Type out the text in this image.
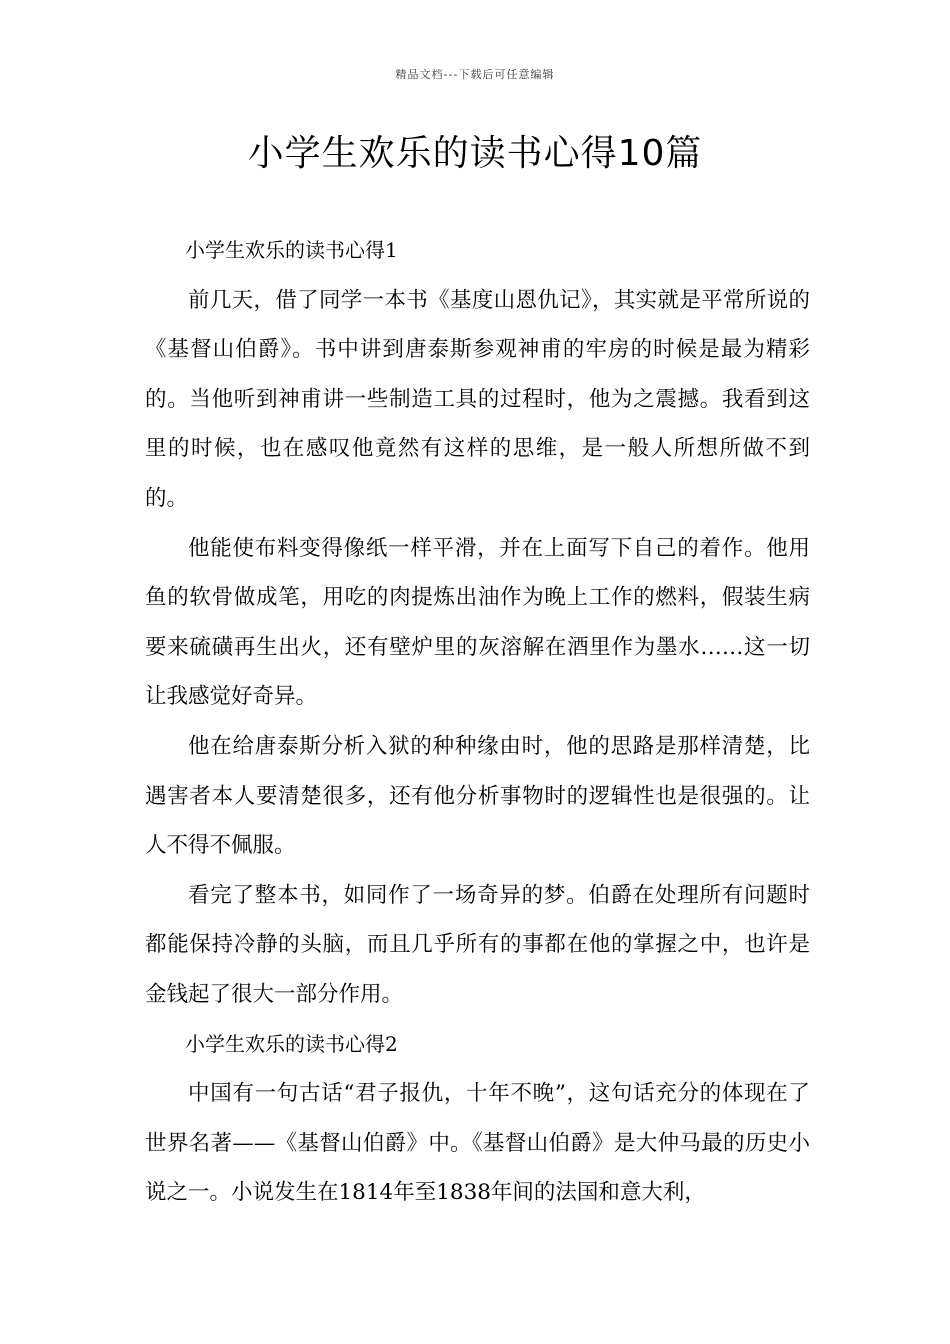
精品文档---下载后可任意编辑
小学生欢乐的读书心得10篇

小学生欢乐的读书心得1

前几天，借了同学一本书《基度山恩仇记》，其实就是平常所说的《基督山伯爵》。书中讲到唐泰斯参观神甫的牢房的时候是最为精彩的。当他听到神甫讲一些制造工具的过程时，他为之震撼。我看到这里的时候，也在感叹他竟然有这样的思维，是一般人所想所做不到的。

他能使布料变得像纸一样平滑，并在上面写下自己的着作。他用鱼的软骨做成笔，用吃的肉提炼出油作为晚上工作的燃料，假装生病要来硫磺再生出火，还有壁炉里的灰溶解在酒里作为墨水……这一切让我感觉好奇异。

他在给唐泰斯分析入狱的种种缘由时，他的思路是那样清楚，比遇害者本人要清楚很多，还有他分析事物时的逻辑性也是很强的。让人不得不佩服。

看完了整本书，如同作了一场奇异的梦。伯爵在处理所有问题时都能保持冷静的头脑，而且几乎所有的事都在他的掌握之中，也许是金钱起了很大一部分作用。

小学生欢乐的读书心得2

中国有一句古话“君子报仇，十年不晚”，这句话充分的体现在了世界名著——《基督山伯爵》中。《基督山伯爵》是大仲马最的历史小说之一。小说发生在1814年至1838年间的法国和意大利，
